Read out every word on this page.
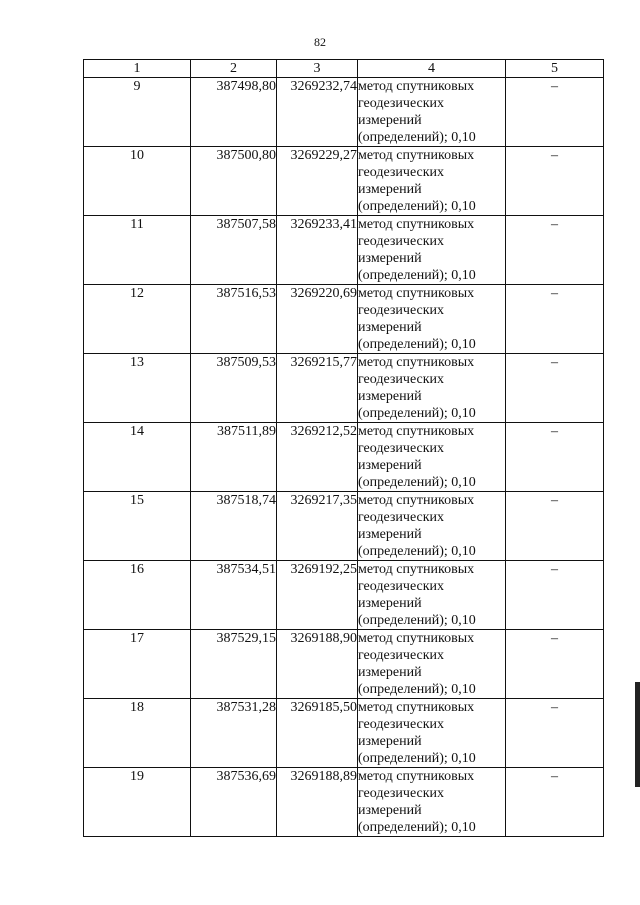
82
1	2	3	4	5
9	387498,80	3269232,74	метод спутниковых
геодезических
измерений
(определений); 0,10	–
10	387500,80	3269229,27	метод спутниковых
геодезических
измерений
(определений); 0,10	–
11	387507,58	3269233,41	метод спутниковых
геодезических
измерений
(определений); 0,10	–
12	387516,53	3269220,69	метод спутниковых
геодезических
измерений
(определений); 0,10	–
13	387509,53	3269215,77	метод спутниковых
геодезических
измерений
(определений); 0,10	–
14	387511,89	3269212,52	метод спутниковых
геодезических
измерений
(определений); 0,10	–
15	387518,74	3269217,35	метод спутниковых
геодезических
измерений
(определений); 0,10	–
16	387534,51	3269192,25	метод спутниковых
геодезических
измерений
(определений); 0,10	–
17	387529,15	3269188,90	метод спутниковых
геодезических
измерений
(определений); 0,10	–
18	387531,28	3269185,50	метод спутниковых
геодезических
измерений
(определений); 0,10	–
19	387536,69	3269188,89	метод спутниковых
геодезических
измерений
(определений); 0,10	–
